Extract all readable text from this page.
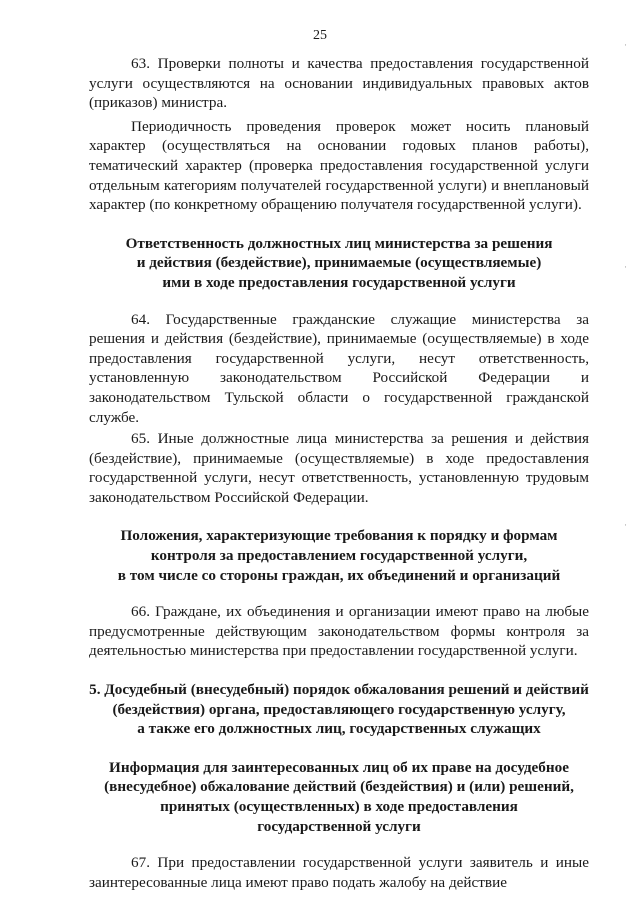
25
·
·
·

63. Проверки полноты и качества предоставления государственной услуги осуществляются на основании индивидуальных правовых актов (приказов) министра.

Периодичность проведения проверок может носить плановый характер (осуществляться на основании годовых планов работы), тематический характер (проверка предоставления государственной услуги отдельным категориям получателей государственной услуги) и внеплановый характер (по конкретному обращению получателя государственной услуги).

Ответственность должностных лиц министерства за решения
и действия (бездействие), принимаемые (осуществляемые)
ими в ходе предоставления государственной услуги

64. Государственные гражданские служащие министерства за решения и действия (бездействие), принимаемые (осуществляемые) в ходе предоставления государственной услуги, несут ответственность, установленную законодательством Российской Федерации и законодательством Тульской области о государственной гражданской службе.

65. Иные должностные лица министерства за решения и действия (бездействие), принимаемые (осуществляемые) в ходе предоставления государственной услуги, несут ответственность, установленную трудовым законодательством Российской Федерации.

Положения, характеризующие требования к порядку и формам
контроля за предоставлением государственной услуги,
в том числе со стороны граждан, их объединений и организаций

66. Граждане, их объединения и организации имеют право на любые предусмотренные действующим законодательством формы контроля за деятельностью министерства при предоставлении государственной услуги.

5. Досудебный (внесудебный) порядок обжалования решений и действий
(бездействия) органа, предоставляющего государственную услугу,
а также его должностных лиц, государственных служащих
Информация для заинтересованных лиц об их праве на досудебное
(внесудебное) обжалование действий (бездействия) и (или) решений,
принятых (осуществленных) в ходе предоставления
государственной услуги

67. При предоставлении государственной услуги заявитель и иные заинтересованные лица имеют право подать жалобу на действие
